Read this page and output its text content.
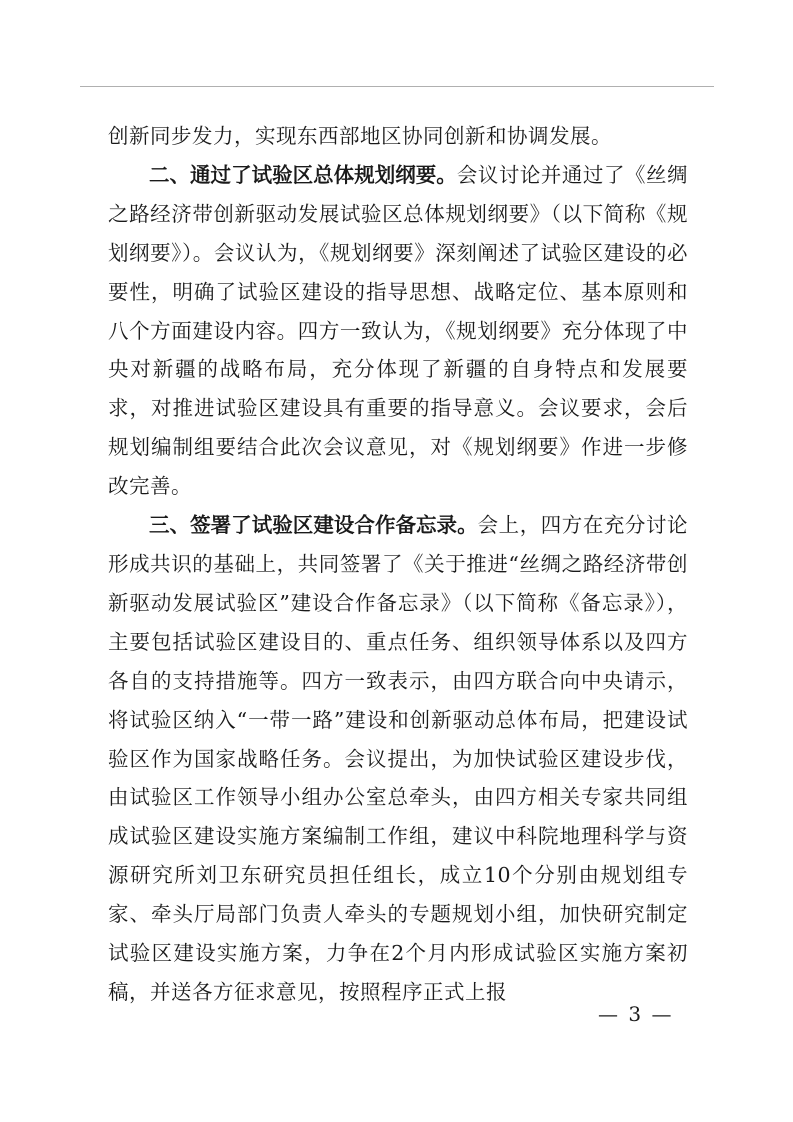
创新同步发力，实现东西部地区协同创新和协调发展。

二、通过了试验区总体规划纲要。会议讨论并通过了《丝绸之路经济带创新驱动发展试验区总体规划纲要》（以下简称《规划纲要》）。会议认为，《规划纲要》深刻阐述了试验区建设的必要性，明确了试验区建设的指导思想、战略定位、基本原则和八个方面建设内容。四方一致认为，《规划纲要》充分体现了中央对新疆的战略布局，充分体现了新疆的自身特点和发展要求，对推进试验区建设具有重要的指导意义。会议要求，会后规划编制组要结合此次会议意见，对《规划纲要》作进一步修改完善。

三、签署了试验区建设合作备忘录。会上，四方在充分讨论形成共识的基础上，共同签署了《关于推进“丝绸之路经济带创新驱动发展试验区”建设合作备忘录》（以下简称《备忘录》），主要包括试验区建设目的、重点任务、组织领导体系以及四方各自的支持措施等。四方一致表示，由四方联合向中央请示，将试验区纳入“一带一路”建设和创新驱动总体布局，把建设试验区作为国家战略任务。会议提出，为加快试验区建设步伐，由试验区工作领导小组办公室总牵头，由四方相关专家共同组成试验区建设实施方案编制工作组，建议中科院地理科学与资源研究所刘卫东研究员担任组长，成立10个分别由规划组专家、牵头厅局部门负责人牵头的专题规划小组，加快研究制定试验区建设实施方案，力争在2个月内形成试验区实施方案初稿，并送各方征求意见，按照程序正式上报

— 3 —
